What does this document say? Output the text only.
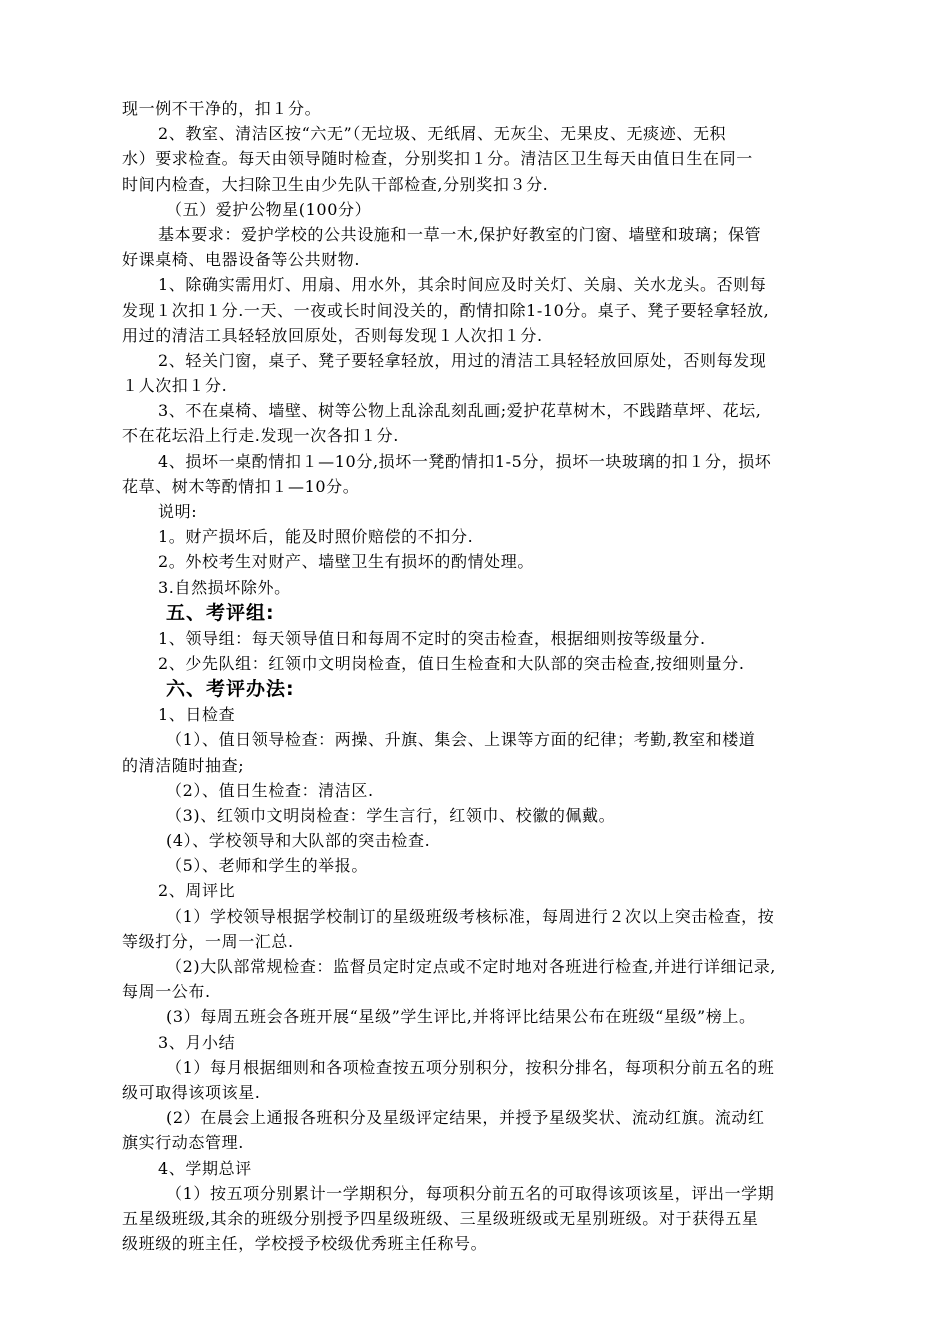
现一例不干净的，扣１分。
2、教室、清洁区按“六无”（无垃圾、无纸屑、无灰尘、无果皮、无痰迹、无积
水）要求检查。每天由领导随时检查，分别奖扣１分。清洁区卫生每天由值日生在同一
时间内检查，大扫除卫生由少先队干部检查,分别奖扣３分.
（五）爱护公物星(100分）
基本要求：爱护学校的公共设施和一草一木,保护好教室的门窗、墙壁和玻璃；保管
好课桌椅、电器设备等公共财物.
1、除确实需用灯、用扇、用水外，其余时间应及时关灯、关扇、关水龙头。否则每
发现１次扣１分.一天、一夜或长时间没关的，酌情扣除1-10分。桌子、凳子要轻拿轻放,
用过的清洁工具轻轻放回原处，否则每发现１人次扣１分.
2、轻关门窗，桌子、凳子要轻拿轻放，用过的清洁工具轻轻放回原处，否则每发现
１人次扣１分.
3、不在桌椅、墙壁、树等公物上乱涂乱刻乱画;爱护花草树木，不践踏草坪、花坛,
不在花坛沿上行走.发现一次各扣１分.
4、损坏一桌酌情扣１—10分,损坏一凳酌情扣1-5分，损坏一块玻璃的扣１分，损坏
花草、树木等酌情扣１—10分。
说明:
1。财产损坏后，能及时照价赔偿的不扣分.
2。外校考生对财产、墙壁卫生有损坏的酌情处理。
3.自然损坏除外。
五、考评组:
1、领导组：每天领导值日和每周不定时的突击检查，根据细则按等级量分.
2、少先队组：红领巾文明岗检查，值日生检查和大队部的突击检查,按细则量分.
六、考评办法:
1、日检查
（1）、值日领导检查：两操、升旗、集会、上课等方面的纪律；考勤,教室和楼道
的清洁随时抽查;
（2）、值日生检查：清洁区.
（3)、红领巾文明岗检查：学生言行，红领巾、校徽的佩戴。
(4）、学校领导和大队部的突击检查.
（5）、老师和学生的举报。
2、周评比
（1）学校领导根据学校制订的星级班级考核标准，每周进行２次以上突击检查，按
等级打分，一周一汇总.
（2)大队部常规检查：监督员定时定点或不定时地对各班进行检查,并进行详细记录,
每周一公布.
(3）每周五班会各班开展“星级”学生评比,并将评比结果公布在班级“星级”榜上。
3、月小结
（1）每月根据细则和各项检查按五项分别积分，按积分排名，每项积分前五名的班
级可取得该项该星.
(2）在晨会上通报各班积分及星级评定结果，并授予星级奖状、流动红旗。流动红
旗实行动态管理.
4、学期总评
（1）按五项分别累计一学期积分，每项积分前五名的可取得该项该星，评出一学期
五星级班级,其余的班级分别授予四星级班级、三星级班级或无星别班级。对于获得五星
级班级的班主任，学校授予校级优秀班主任称号。
